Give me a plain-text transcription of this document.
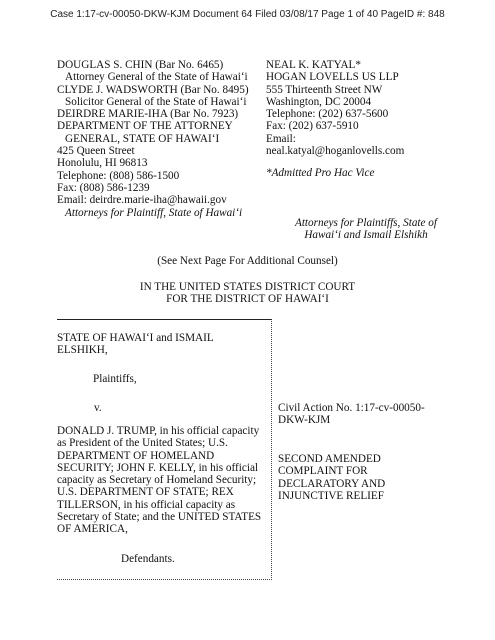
Case 1:17-cv-00050-DKW-KJM Document 64 Filed 03/08/17 Page 1 of 40 PageID #: 848
DOUGLAS S. CHIN (Bar No. 6465)
Attorney General of the State of Hawai‘i
CLYDE J. WADSWORTH (Bar No. 8495)
Solicitor General of the State of Hawai‘i
DEIRDRE MARIE-IHA (Bar No. 7923)
DEPARTMENT OF THE ATTORNEY
GENERAL, STATE OF HAWAI‘I
425 Queen Street
Honolulu, HI 96813
Telephone: (808) 586-1500
Fax: (808) 586-1239
Email: deirdre.marie-iha@hawaii.gov
Attorneys for Plaintiff, State of Hawai‘i
NEAL K. KATYAL*
HOGAN LOVELLS US LLP
555 Thirteenth Street NW
Washington, DC 20004
Telephone: (202) 637-5600
Fax: (202) 637-5910
Email:
neal.katyal@hoganlovells.com
*Admitted Pro Hac Vice
Attorneys for Plaintiffs, State of
Hawai‘i and Ismail Elshikh
(See Next Page For Additional Counsel)
IN THE UNITED STATES DISTRICT COURT
FOR THE DISTRICT OF HAWAI‘I
STATE OF HAWAI‘I and ISMAIL
ELSHIKH,
Plaintiffs,
v.
DONALD J. TRUMP, in his official capacity
as President of the United States; U.S.
DEPARTMENT OF HOMELAND
SECURITY; JOHN F. KELLY, in his official
capacity as Secretary of Homeland Security;
U.S. DEPARTMENT OF STATE; REX
TILLERSON, in his official capacity as
Secretary of State; and the UNITED STATES
OF AMERICA,
Defendants.
Civil Action No. 1:17-cv-00050-
DKW-KJM
SECOND AMENDED
COMPLAINT FOR
DECLARATORY AND
INJUNCTIVE RELIEF
